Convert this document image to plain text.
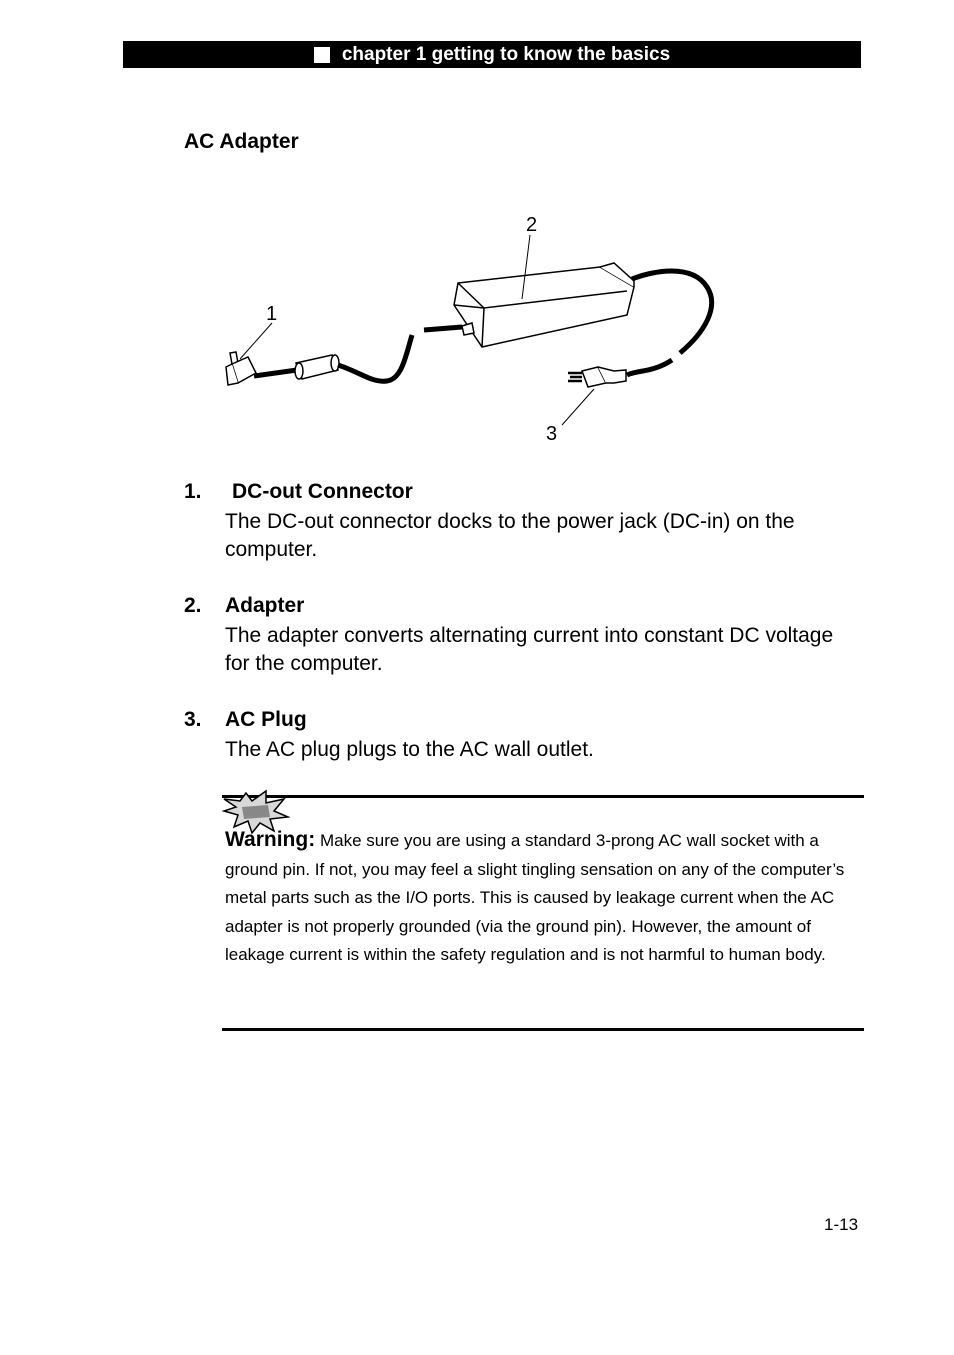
chapter 1 getting to know the basics
AC Adapter
1
2
3
1. DC-out Connector
The DC-out connector docks to the power jack (DC-in) on the computer.
2. Adapter
The adapter converts alternating current into constant DC voltage for the computer.
3. AC Plug
The AC plug plugs to the AC wall outlet.
Warning: Make sure you are using a standard 3-prong AC wall socket with a ground pin. If not, you may feel a slight tingling sensation on any of the computer’s metal parts such as the I/O ports. This is caused by leakage current when the AC adapter is not properly grounded (via the ground pin). However, the amount of leakage current is within the safety regulation and is not harmful to human body.
1-13
